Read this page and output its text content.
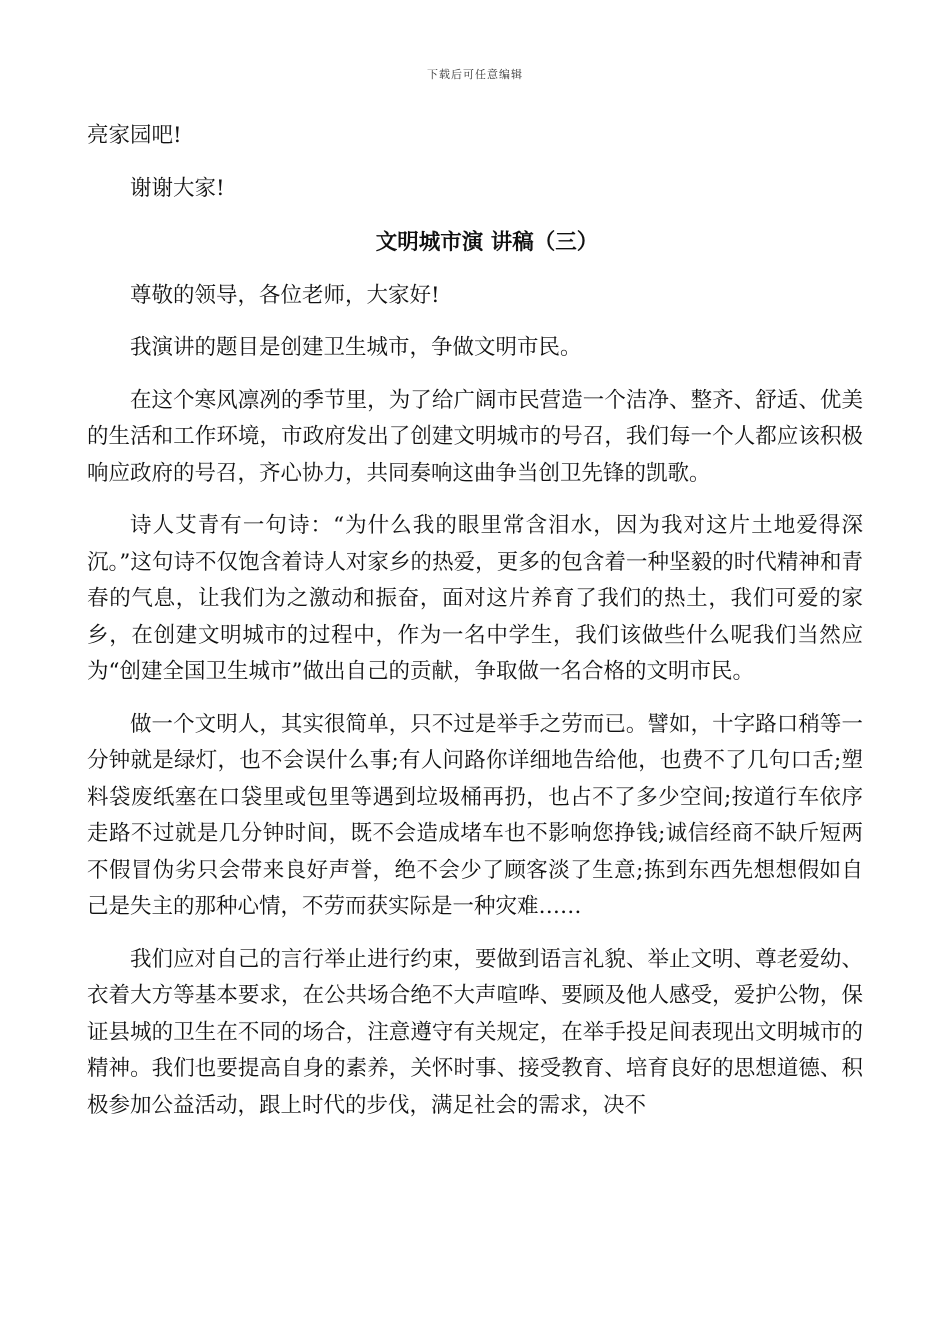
下载后可任意编辑

亮家园吧!

谢谢大家!

文明城市演 讲稿（三）

尊敬的领导，各位老师，大家好!

我演讲的题目是创建卫生城市，争做文明市民。

在这个寒风凛冽的季节里，为了给广阔市民营造一个洁净、整齐、舒适、优美的生活和工作环境，市政府发出了创建文明城市的号召，我们每一个人都应该积极响应政府的号召，齐心协力，共同奏响这曲争当创卫先锋的凯歌。

诗人艾青有一句诗：“为什么我的眼里常含泪水，因为我对这片土地爱得深沉。”这句诗不仅饱含着诗人对家乡的热爱，更多的包含着一种坚毅的时代精神和青春的气息，让我们为之激动和振奋，面对这片养育了我们的热土，我们可爱的家乡，在创建文明城市的过程中，作为一名中学生，我们该做些什么呢我们当然应为“创建全国卫生城市”做出自己的贡献，争取做一名合格的文明市民。

做一个文明人，其实很简单，只不过是举手之劳而已。譬如，十字路口稍等一分钟就是绿灯，也不会误什么事;有人问路你详细地告给他，也费不了几句口舌;塑料袋废纸塞在口袋里或包里等遇到垃圾桶再扔，也占不了多少空间;按道行车依序走路不过就是几分钟时间，既不会造成堵车也不影响您挣钱;诚信经商不缺斤短两不假冒伪劣只会带来良好声誉，绝不会少了顾客淡了生意;拣到东西先想想假如自己是失主的那种心情，不劳而获实际是一种灾难……

我们应对自己的言行举止进行约束，要做到语言礼貌、举止文明、尊老爱幼、衣着大方等基本要求，在公共场合绝不大声喧哗、要顾及他人感受，爱护公物，保证县城的卫生在不同的场合，注意遵守有关规定，在举手投足间表现出文明城市的精神。我们也要提高自身的素养，关怀时事、接受教育、培育良好的思想道德、积极参加公益活动，跟上时代的步伐，满足社会的需求，决不
